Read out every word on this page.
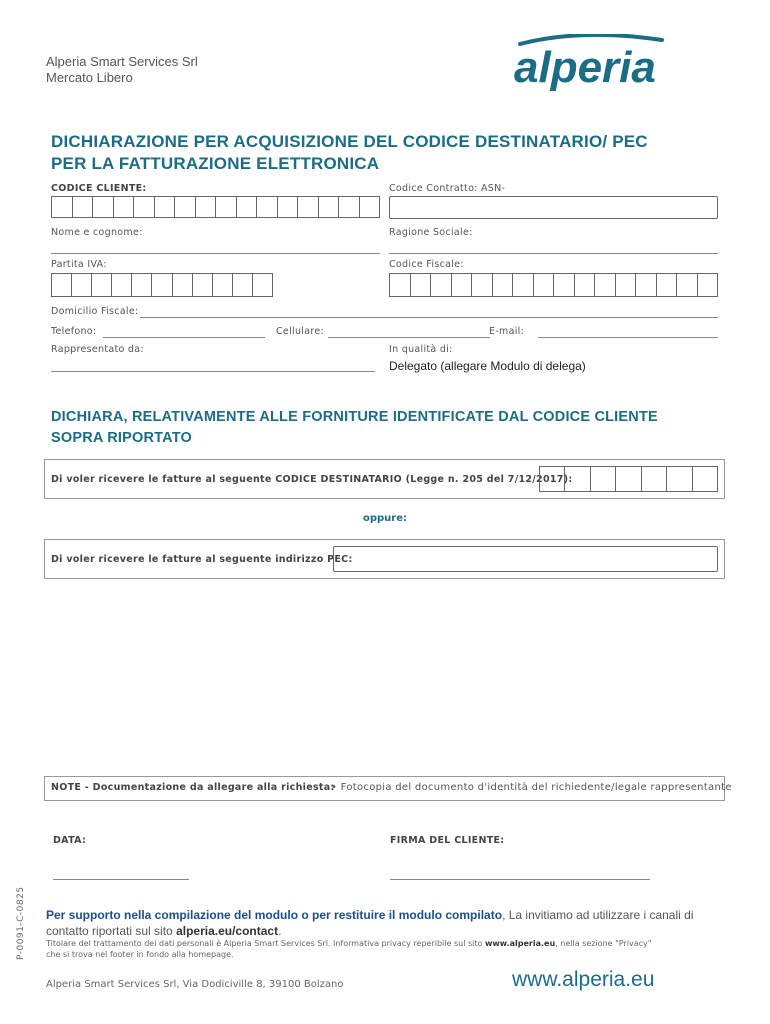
Alperia Smart Services Srl
Mercato Libero	alperia
DICHIARAZIONE PER ACQUISIZIONE DEL CODICE DESTINATARIO/ PEC
PER LA FATTURAZIONE ELETTRONICA
CODICE CLIENTE:	Codice Contratto: ASN-
Nome e cognome:	Ragione Sociale:
Partita IVA:	Codice Fiscale:
Domicilio Fiscale:
Telefono:	Cellulare:	E-mail:
Rappresentato da:	In qualità di:
Delegato (allegare Modulo di delega)
DICHIARA, RELATIVAMENTE ALLE FORNITURE IDENTIFICATE DAL CODICE CLIENTE
SOPRA RIPORTATO
Di voler ricevere le fatture al seguente CODICE DESTINATARIO (Legge n. 205 del 7/12/2017):
oppure:
Di voler ricevere le fatture al seguente indirizzo PEC:
NOTE - Documentazione da allegare alla richiesta:
• Fotocopia del documento d'identità del richiedente/legale rappresentante
DATA:	FIRMA DEL CLIENTE:
P-0091-C-0825 Per supporto nella compilazione del modulo o per restituire il modulo compilato, La invitiamo ad utilizzare i canali di contatto riportati sul sito alperia.eu/contact.
Titolare del trattamento dei dati personali è Alperia Smart Services Srl. Informativa privacy reperibile sul sito www.alperia.eu, nella sezione "Privacy"
che si trova nel footer in fondo alla homepage.
Alperia Smart Services Srl, Via Dodiciville 8, 39100 Bolzano	www.alperia.eu
